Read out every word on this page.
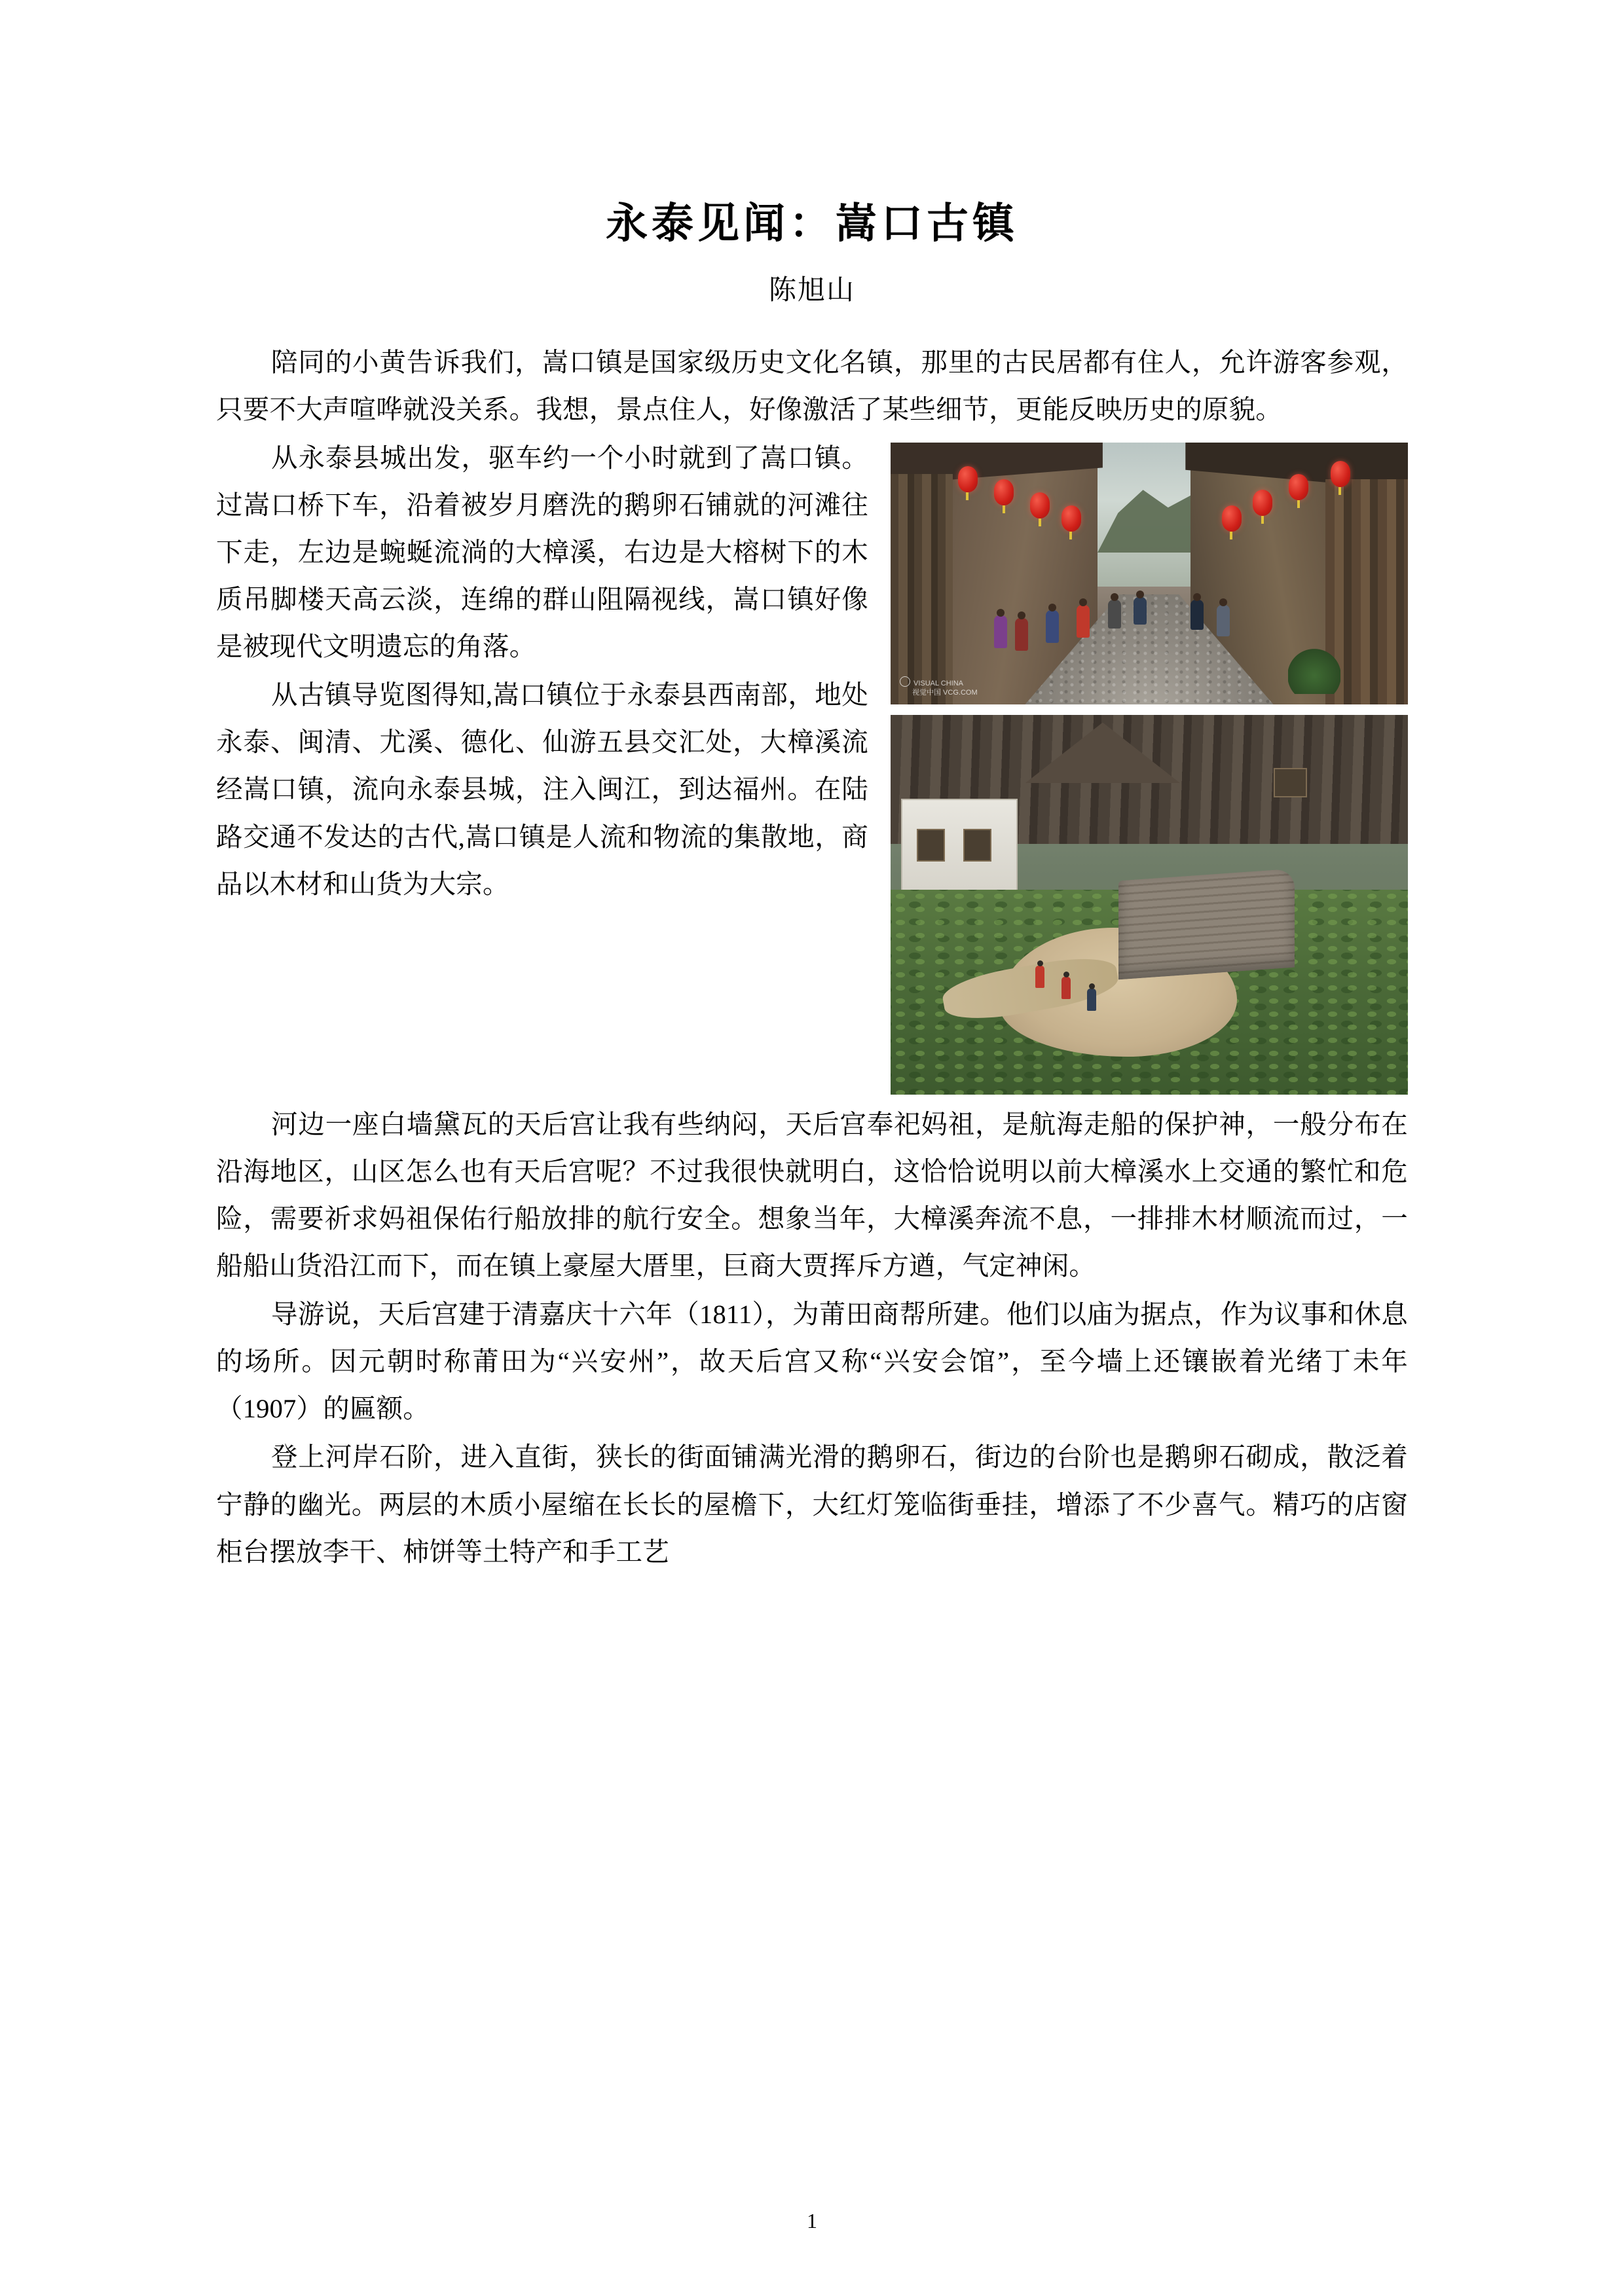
永泰见闻：嵩口古镇
陈旭山

陪同的小黄告诉我们，嵩口镇是国家级历史文化名镇，那里的古民居都有住人，允许游客参观，只要不大声喧哗就没关系。我想，景点住人，好像激活了某些细节，更能反映历史的原貌。

VISUAL CHINA
视觉中国 VCG.COM

从永泰县城出发，驱车约一个小时就到了嵩口镇。过嵩口桥下车，沿着被岁月磨洗的鹅卵石铺就的河滩往下走，左边是蜿蜒流淌的大樟溪，右边是大榕树下的木质吊脚楼天高云淡，连绵的群山阻隔视线，嵩口镇好像是被现代文明遗忘的角落。

从古镇导览图得知,嵩口镇位于永泰县西南部，地处永泰、闽清、尤溪、德化、仙游五县交汇处，大樟溪流经嵩口镇，流向永泰县城，注入闽江，到达福州。在陆路交通不发达的古代,嵩口镇是人流和物流的集散地，商品以木材和山货为大宗。

河边一座白墙黛瓦的天后宫让我有些纳闷，天后宫奉祀妈祖，是航海走船的保护神，一般分布在沿海地区，山区怎么也有天后宫呢？不过我很快就明白，这恰恰说明以前大樟溪水上交通的繁忙和危险，需要祈求妈祖保佑行船放排的航行安全。想象当年，大樟溪奔流不息，一排排木材顺流而过，一船船山货沿江而下，而在镇上豪屋大厝里，巨商大贾挥斥方遒，气定神闲。

导游说，天后宫建于清嘉庆十六年（1811），为莆田商帮所建。他们以庙为据点，作为议事和休息的场所。因元朝时称莆田为“兴安州”，故天后宫又称“兴安会馆”，至今墙上还镶嵌着光绪丁未年（1907）的匾额。

登上河岸石阶，进入直街，狭长的街面铺满光滑的鹅卵石，街边的台阶也是鹅卵石砌成，散泛着宁静的幽光。两层的木质小屋缩在长长的屋檐下，大红灯笼临街垂挂，增添了不少喜气。精巧的店窗柜台摆放李干、柿饼等土特产和手工艺

1
